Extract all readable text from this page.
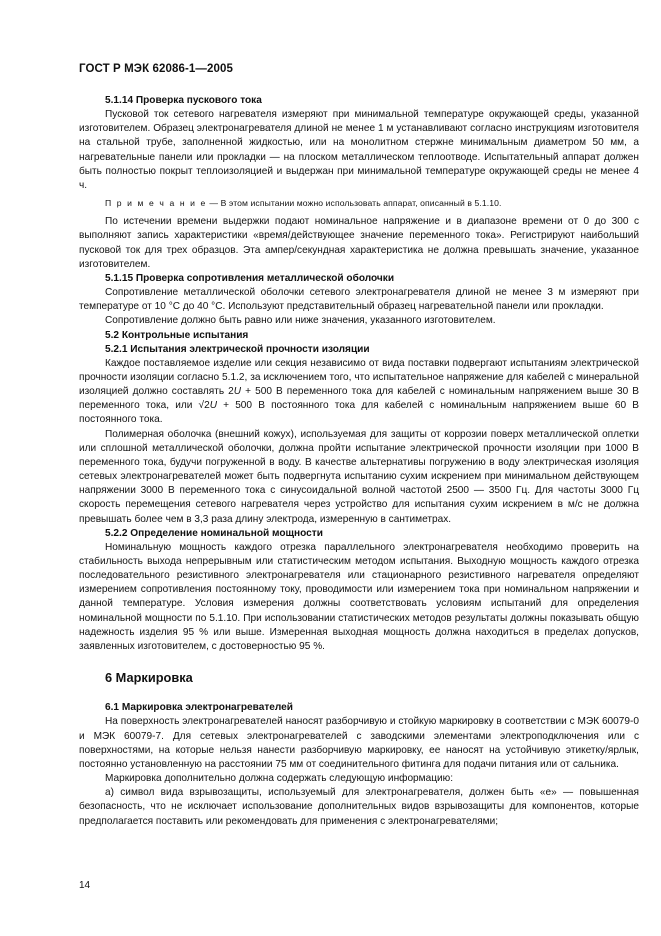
ГОСТ Р МЭК 62086-1—2005

5.1.14 Проверка пускового тока

Пусковой ток сетевого нагревателя измеряют при минимальной температуре окружающей среды, указанной изготовителем. Образец электронагревателя длиной не менее 1 м устанавливают согласно инструкциям изготовителя на стальной трубе, заполненной жидкостью, или на монолитном стержне минимальным диаметром 50 мм, а нагревательные панели или прокладки — на плоском металлическом теплоотводе. Испытательный аппарат должен быть полностью покрыт теплоизоляцией и выдержан при минимальной температуре окружающей среды не менее 4 ч.

П р и м е ч а н и е — В этом испытании можно использовать аппарат, описанный в 5.1.10.

По истечении времени выдержки подают номинальное напряжение и в диапазоне времени от 0 до 300 с выполняют запись характеристики «время/действующее значение переменного тока». Регистрируют наибольший пусковой ток для трех образцов. Эта ампер/секундная характеристика не должна превышать значение, указанное изготовителем.

5.1.15 Проверка сопротивления металлической оболочки

Сопротивление металлической оболочки сетевого электронагревателя длиной не менее 3 м измеряют при температуре от 10 °С до 40 °С. Используют представительный образец нагревательной панели или прокладки.

Сопротивление должно быть равно или ниже значения, указанного изготовителем.

5.2 Контрольные испытания

5.2.1 Испытания электрической прочности изоляции

Каждое поставляемое изделие или секция независимо от вида поставки подвергают испытаниям электрической прочности изоляции согласно 5.1.2, за исключением того, что испытательное напряжение для кабелей с минеральной изоляцией должно составлять 2U + 500 В переменного тока для кабелей с номинальным напряжением выше 30 В переменного тока, или √2U + 500 В постоянного тока для кабелей с номинальным напряжением выше 60 В постоянного тока.

Полимерная оболочка (внешний кожух), используемая для защиты от коррозии поверх металлической оплетки или сплошной металлической оболочки, должна пройти испытание электрической прочности изоляции при 1000 В переменного тока, будучи погруженной в воду. В качестве альтернативы погружению в воду электрическая изоляция сетевых электронагревателей может быть подвергнута испытанию сухим искрением при минимальном действующем напряжении 3000 В переменного тока с синусоидальной волной частотой 2500 — 3500 Гц. Для частоты 3000 Гц скорость перемещения сетевого нагревателя через устройство для испытания сухим искрением в м/с не должна превышать более чем в 3,3 раза длину электрода, измеренную в сантиметрах.

5.2.2 Определение номинальной мощности

Номинальную мощность каждого отрезка параллельного электронагревателя необходимо проверить на стабильность выхода непрерывным или статистическим методом испытания. Выходную мощность каждого отрезка последовательного резистивного электронагревателя или стационарного резистивного нагревателя определяют измерением сопротивления постоянному току, проводимости или измерением тока при номинальном напряжении и данной температуре. Условия измерения должны соответствовать условиям испытаний для определения номинальной мощности по 5.1.10. При использовании статистических методов результаты должны показывать общую надежность изделия 95 % или выше. Измеренная выходная мощность должна находиться в пределах допусков, заявленных изготовителем, с достоверностью 95 %.

6 Маркировка

6.1 Маркировка электронагревателей

На поверхность электронагревателей наносят разборчивую и стойкую маркировку в соответствии с МЭК 60079-0 и МЭК 60079-7. Для сетевых электронагревателей с заводскими элементами электроподключения или с поверхностями, на которые нельзя нанести разборчивую маркировку, ее наносят на устойчивую этикетку/ярлык, постоянно установленную на расстоянии 75 мм от соединительного фитинга для подачи питания или от сальника.

Маркировка дополнительно должна содержать следующую информацию:

а) символ вида взрывозащиты, используемый для электронагревателя, должен быть «е» — повышенная безопасность, что не исключает использование дополнительных видов взрывозащиты для компонентов, которые предполагается поставить или рекомендовать для применения с электронагревателями;

14
